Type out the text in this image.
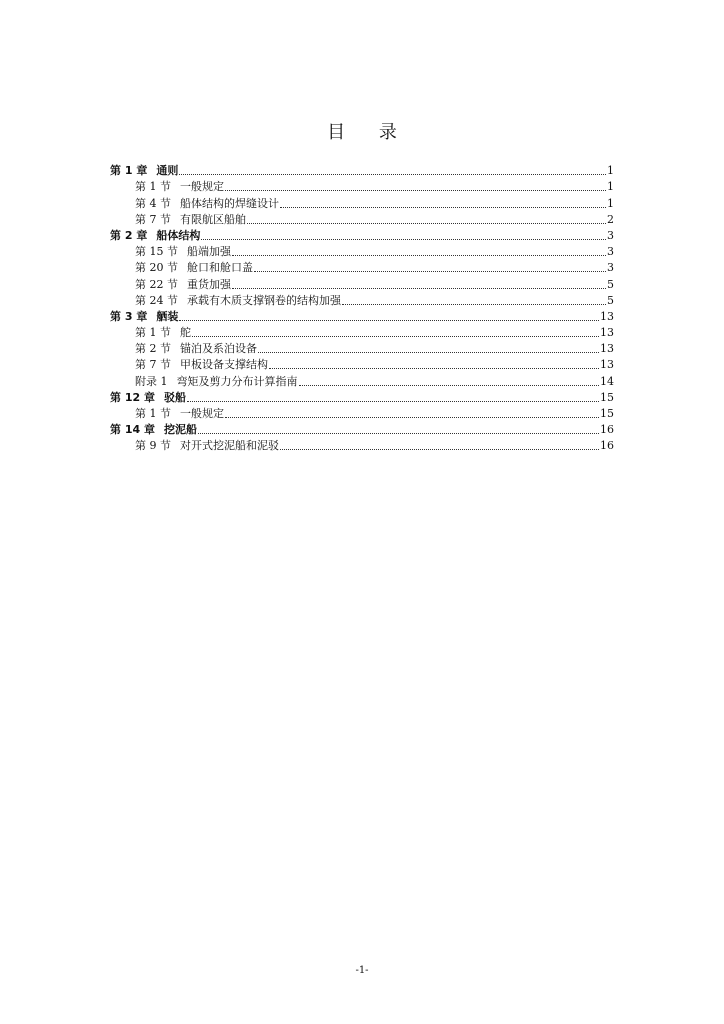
目 录
第 1 章 通则	1
第 1 节 一般规定	1
第 4 节 船体结构的焊缝设计	1
第 7 节 有限航区船舶	2
第 2 章 船体结构	3
第 15 节 船端加强	3
第 20 节 舱口和舱口盖	3
第 22 节 重货加强	5
第 24 节 承载有木质支撑钢卷的结构加强	5
第 3 章 舾装	13
第 1 节 舵	13
第 2 节 锚泊及系泊设备	13
第 7 节 甲板设备支撑结构	13
附录 1 弯矩及剪力分布计算指南	14
第 12 章 驳船	15
第 1 节 一般规定	15
第 14 章 挖泥船	16
第 9 节 对开式挖泥船和泥驳	16
-1-
